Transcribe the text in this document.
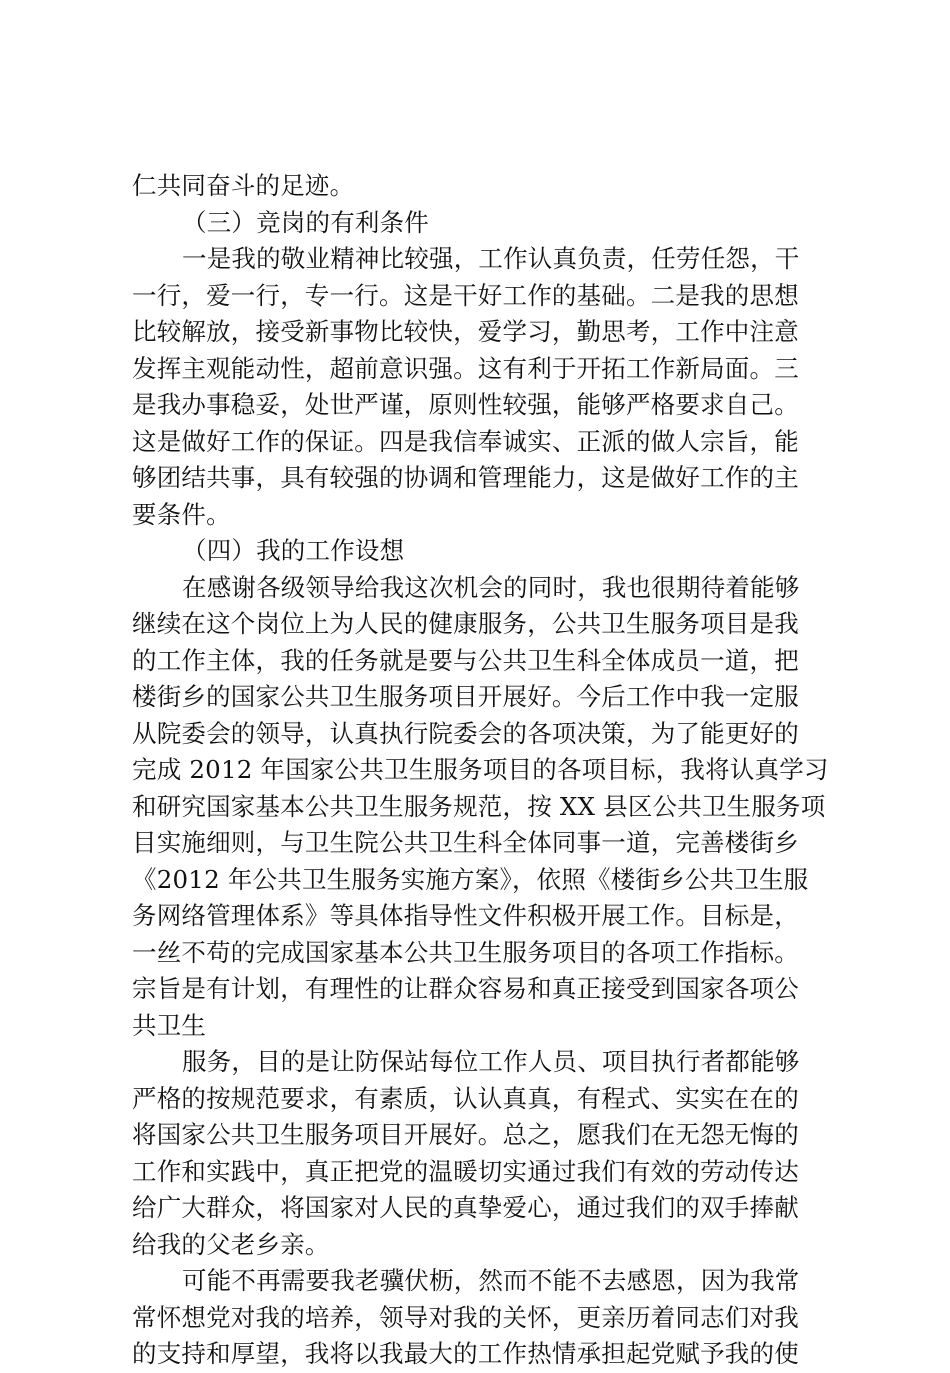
仁共同奋斗的足迹。
（三）竞岗的有利条件
一是我的敬业精神比较强，工作认真负责，任劳任怨，干
一行，爱一行，专一行。这是干好工作的基础。二是我的思想
比较解放，接受新事物比较快，爱学习，勤思考，工作中注意
发挥主观能动性，超前意识强。这有利于开拓工作新局面。三
是我办事稳妥，处世严谨，原则性较强，能够严格要求自己。
这是做好工作的保证。四是我信奉诚实、正派的做人宗旨，能
够团结共事，具有较强的协调和管理能力，这是做好工作的主
要条件。
（四）我的工作设想
在感谢各级领导给我这次机会的同时，我也很期待着能够
继续在这个岗位上为人民的健康服务，公共卫生服务项目是我
的工作主体，我的任务就是要与公共卫生科全体成员一道，把
楼街乡的国家公共卫生服务项目开展好。今后工作中我一定服
从院委会的领导，认真执行院委会的各项决策，为了能更好的
完成 2012 年国家公共卫生服务项目的各项目标，我将认真学习
和研究国家基本公共卫生服务规范，按 XX 县区公共卫生服务项
目实施细则，与卫生院公共卫生科全体同事一道，完善楼街乡
《2012 年公共卫生服务实施方案》，依照《楼街乡公共卫生服
务网络管理体系》等具体指导性文件积极开展工作。目标是，
一丝不苟的完成国家基本公共卫生服务项目的各项工作指标。
宗旨是有计划，有理性的让群众容易和真正接受到国家各项公
共卫生
服务，目的是让防保站每位工作人员、项目执行者都能够
严格的按规范要求，有素质，认认真真，有程式、实实在在的
将国家公共卫生服务项目开展好。总之，愿我们在无怨无悔的
工作和实践中，真正把党的温暖切实通过我们有效的劳动传达
给广大群众，将国家对人民的真挚爱心，通过我们的双手捧献
给我的父老乡亲。
可能不再需要我老骥伏枥，然而不能不去感恩，因为我常
常怀想党对我的培养，领导对我的关怀，更亲历着同志们对我
的支持和厚望，我将以我最大的工作热情承担起党赋予我的使
